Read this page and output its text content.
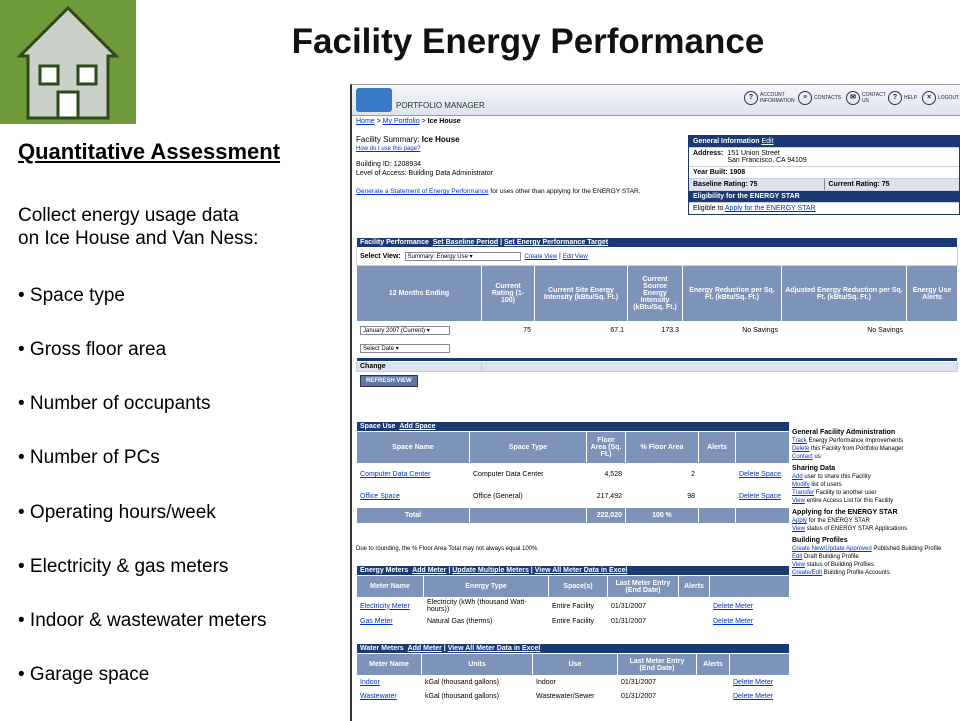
Facility Energy Performance
Quantitative Assessment
Collect energy usage data
on Ice House and Van Ness:
• Space type
• Gross floor area
• Number of occupants
• Number of PCs
• Operating hours/week
• Electricity & gas meters
• Indoor & wastewater meters
• Garage space
PORTFOLIO MANAGER
?	ACCOUNT INFORMATION	≡	CONTACTS	✉	CONTACT US	?	HELP	×	LOGOUT
Home > My Portfolio > Ice House
Facility Summary: Ice House
How do I use this page?
Building ID: 1208934
Level of Access: Building Data Administrator
Generate a Statement of Energy Performance for uses other than applying for the ENERGY STAR.
General Information Edit
Address: 151 Union Street
San Francisco, CA 94109
Year Built: 1908
Baseline Rating: 75	Current Rating: 75
Eligibility for the ENERGY STAR
Eligible to Apply for the ENERGY STAR
Facility Performance Set Baseline Period | Set Energy Performance Target						
Select View: Summary: Energy Use ▾ Create View | Edit View						
12 Months Ending	Current Rating (1-100)	Current Site Energy Intensity (kBtu/Sq. Ft.)	Current Source Energy Intensity (kBtu/Sq. Ft.)	Energy Reduction per Sq. Ft. (kBtu/Sq. Ft.)	Adjusted Energy Reduction per Sq. Ft. (kBtu/Sq. Ft.)	Energy Use Alerts
January 2007 (Current) ▾	75	67.1	173.3	No Savings	No Savings	
Select Date ▾						

Change						
REFRESH VIEW						
Space Use Add Space					
Space Name	Space Type	Floor Area (Sq. Ft.)	% Floor Area	Alerts	
Computer Data Center	Computer Data Center	4,528	2		Delete Space
Office Space	Office (General)	217,492	98		Delete Space
Total		222,020	100 %		
Due to rounding, the % Floor Area Total may not always equal 100%.
Energy Meters Add Meter | Update Multiple Meters | View All Meter Data in Excel					
Meter Name	Energy Type	Space(s)	Last Meter Entry (End Date)	Alerts	
Electricity Meter	Electricity (kWh (thousand Watt-hours))	Entire Facility	01/31/2007		Delete Meter
Gas Meter	Natural Gas (therms)	Entire Facility	01/31/2007		Delete Meter
Water Meters Add Meter | View All Meter Data in Excel					
Meter Name	Units	Use	Last Meter Entry (End Date)	Alerts	
Indoor	kGal (thousand gallons)	Indoor	01/31/2007		Delete Meter
Wastewater	kGal (thousand gallons)	Wastewater/Sewer	01/31/2007		Delete Meter
General Facility Administration
Track Energy Performance Improvements
Delete this Facility from Portfolio Manager
Contact us
Sharing Data
Add user to share this Facility
Modify list of users
Transfer Facility to another user
View entire Access List for this Facility
Applying for the ENERGY STAR
Apply for the ENERGY STAR
View status of ENERGY STAR Applications
Building Profiles
Create New/Update Approved Published Building Profile
Edit Draft Building Profile
View status of Building Profiles
Create/Edit Building Profile Accounts
